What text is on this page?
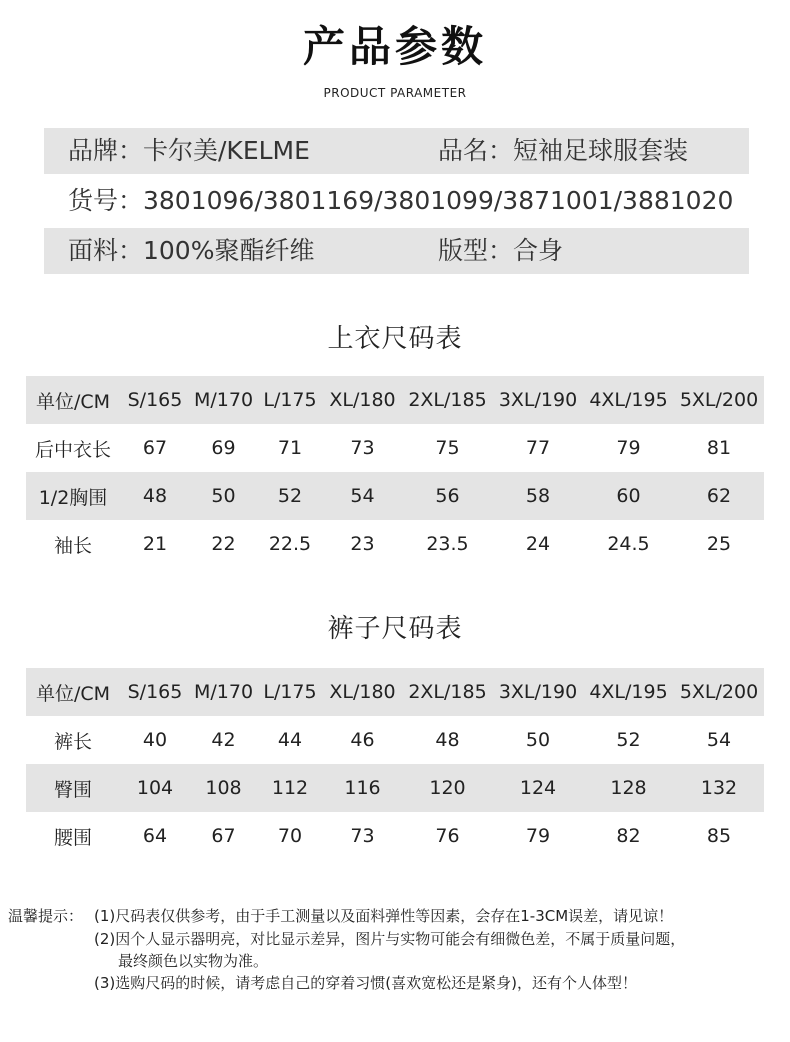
产品参数
PRODUCT PARAMETER
品牌：卡尔美/KELME	品名：短袖足球服套装
货号：3801096/3801169/3801099/3871001/3881020
面料：100%聚酯纤维	版型：合身
上衣尺码表
单位/CM	S/165	M/170	L/175	XL/180	2XL/185	3XL/190	4XL/195	5XL/200
后中衣长	67	69	71	73	75	77	79	81
1/2胸围	48	50	52	54	56	58	60	62
袖长	21	22	22.5	23	23.5	24	24.5	25
裤子尺码表
单位/CM	S/165	M/170	L/175	XL/180	2XL/185	3XL/190	4XL/195	5XL/200
裤长	40	42	44	46	48	50	52	54
臀围	104	108	112	116	120	124	128	132
腰围	64	67	70	73	76	79	82	85
温馨提示： (1)尺码表仅供参考，由于手工测量以及面料弹性等因素，会存在1-3CM误差，请见谅！
(2)因个人显示器明亮，对比显示差异，图片与实物可能会有细微色差，不属于质量问题，
最终颜色以实物为准。
(3)选购尺码的时候，请考虑自己的穿着习惯(喜欢宽松还是紧身)，还有个人体型！
